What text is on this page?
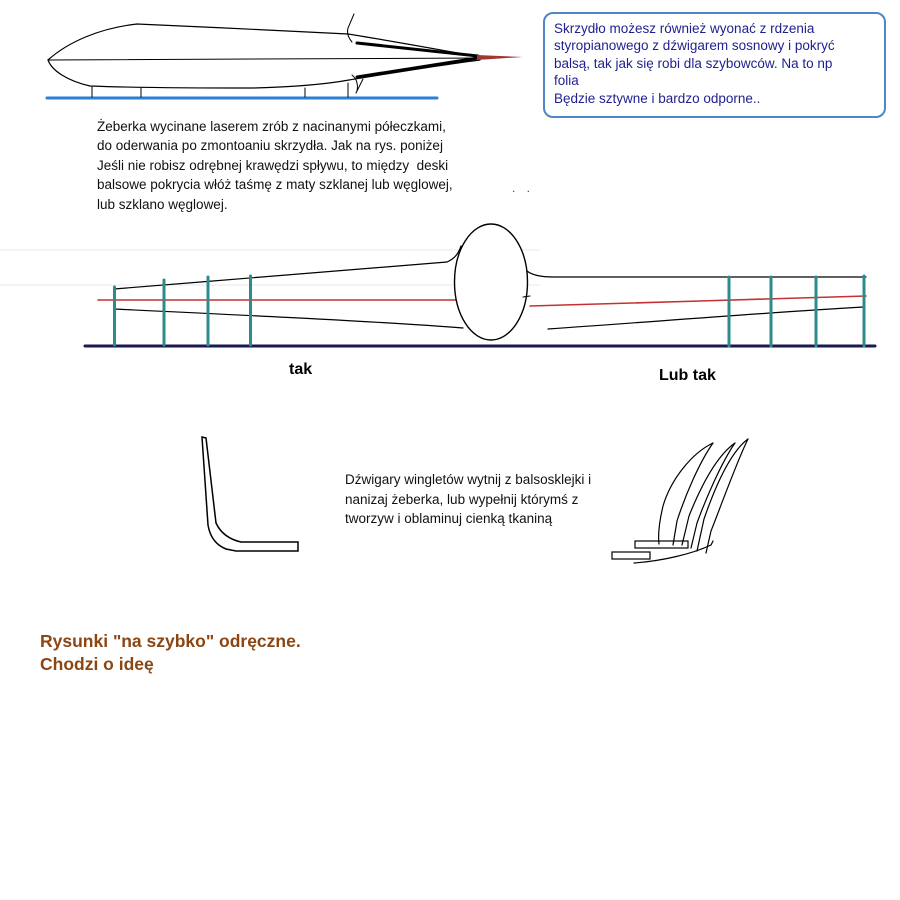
Skrzydło możesz również wyonać z rdzenia
styropianowego z dźwigarem sosnowy i pokryć
balsą, tak jak się robi dla szybowców. Na to np
folia
Będzie sztywne i bardzo odporne..
Żeberka wycinane laserem zrób z nacinanymi półeczkami,
do oderwania po zmontoaniu skrzydła. Jak na rys. poniżej
Jeśli nie robisz odrębnej krawędzi spływu, to między  deski
balsowe pokrycia włóż taśmę z maty szklanej lub węglowej,
lub szklano węglowej.
. .
tak	Lub tak
Dźwigary wingletów wytnij z balsosklejki i
nanizaj żeberka, lub wypełnij którymś z
tworzyw i oblaminuj cienką tkaniną
Rysunki "na szybko" odręczne.
Chodzi o ideę
